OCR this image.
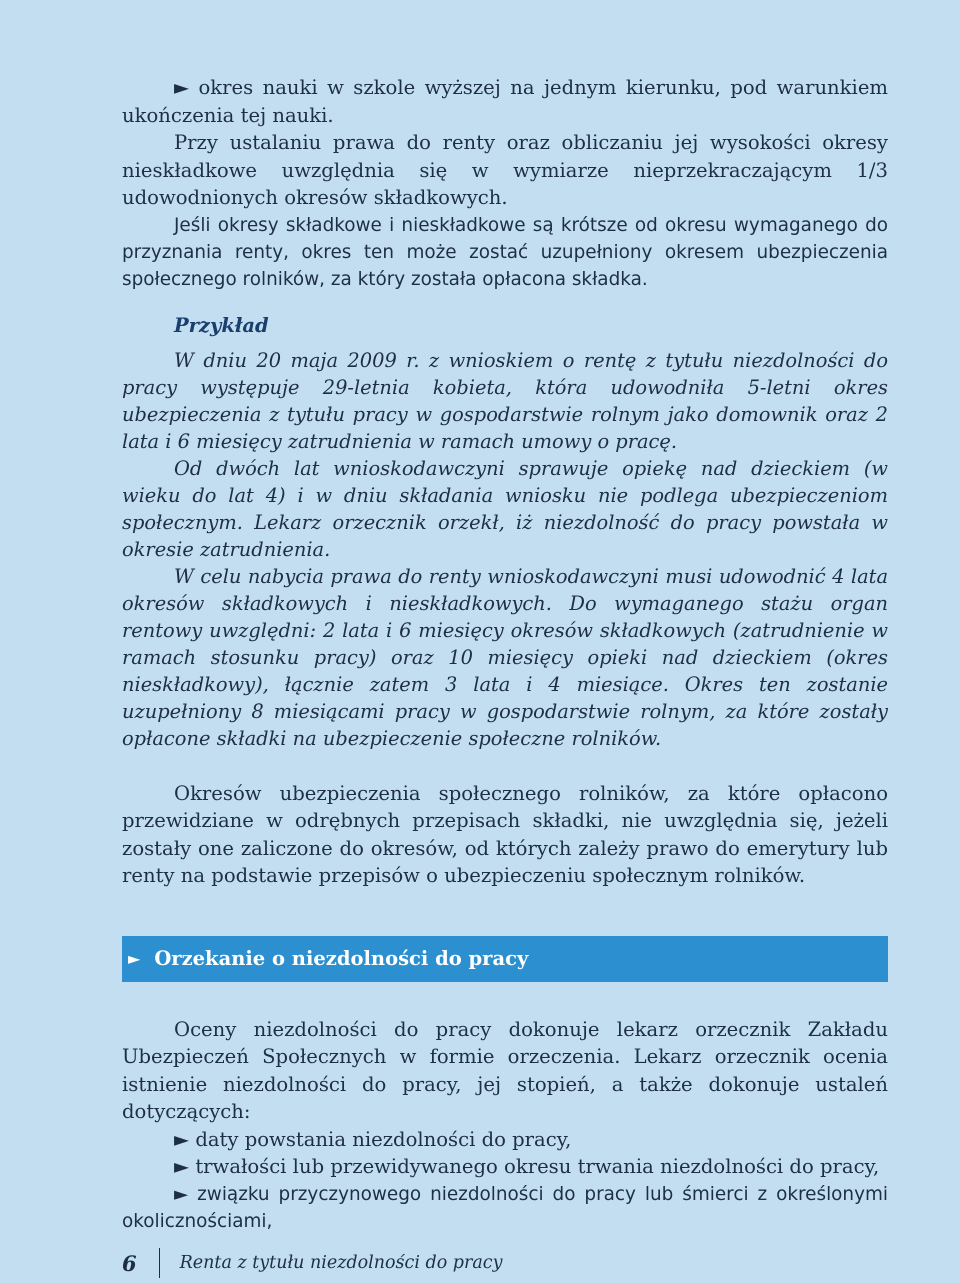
► okres nauki w szkole wyższej na jednym kierunku, pod warunkiem ukończenia tej nauki.

Przy ustalaniu prawa do renty oraz obliczaniu jej wysokości okresy nieskładkowe uwzględnia się w wymiarze nieprzekraczającym 1/3 udowodnionych okresów składkowych.

Jeśli okresy składkowe i nieskładkowe są krótsze od okresu wymaganego do przyznania renty, okres ten może zostać uzupełniony okresem ubezpieczenia społecznego rolników, za który została opłacona składka.

Przykład

W dniu 20 maja 2009 r. z wnioskiem o rentę z tytułu niezdolności do pracy występuje 29-letnia kobieta, która udowodniła 5-letni okres ubezpieczenia z tytułu pracy w gospodarstwie rolnym jako domownik oraz 2 lata i 6 miesięcy zatrudnienia w ramach umowy o pracę.

Od dwóch lat wnioskodawczyni sprawuje opiekę nad dzieckiem (w wieku do lat 4) i w dniu składania wniosku nie podlega ubezpieczeniom społecznym. Lekarz orzecznik orzekł, iż niezdolność do pracy powstała w okresie zatrudnienia.

W celu nabycia prawa do renty wnioskodawczyni musi udowodnić 4 lata okresów składkowych i nieskładkowych. Do wymaganego stażu organ rentowy uwzględni: 2 lata i 6 miesięcy okresów składkowych (zatrudnienie w ramach stosunku pracy) oraz 10 miesięcy opieki nad dzieckiem (okres nieskładkowy), łącznie zatem 3 lata i 4 miesiące. Okres ten zostanie uzupełniony 8 miesiącami pracy w gospodarstwie rolnym, za które zostały opłacone składki na ubezpieczenie społeczne rolników.

Okresów ubezpieczenia społecznego rolników, za które opłacono przewidziane w odrębnych przepisach składki, nie uwzględnia się, jeżeli zostały one zaliczone do okresów, od których zależy prawo do emerytury lub renty na podstawie przepisów o ubezpieczeniu społecznym rolników.

► Orzekanie o niezdolności do pracy

Oceny niezdolności do pracy dokonuje lekarz orzecznik Zakładu Ubezpieczeń Społecznych w formie orzeczenia. Lekarz orzecznik ocenia istnienie niezdolności do pracy, jej stopień, a także dokonuje ustaleń dotyczących:

► daty powstania niezdolności do pracy,

► trwałości lub przewidywanego okresu trwania niezdolności do pracy,

► związku przyczynowego niezdolności do pracy lub śmierci z określonymi okolicznościami,

6 Renta z tytułu niezdolności do pracy
